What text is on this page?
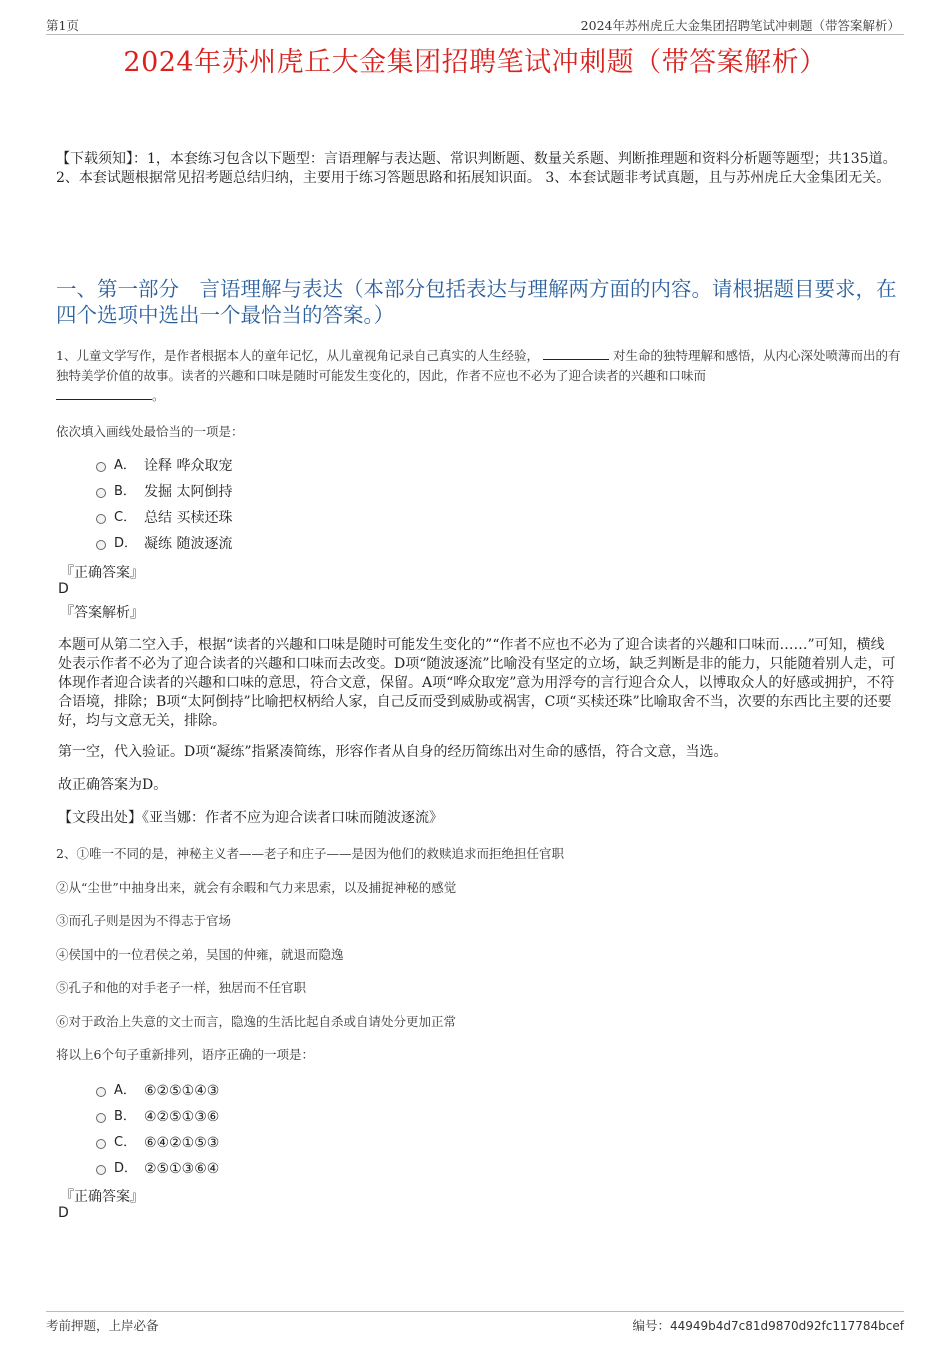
第1页	2024年苏州虎丘大金集团招聘笔试冲刺题（带答案解析）
2024年苏州虎丘大金集团招聘笔试冲刺题（带答案解析）
【下载须知】：1，本套练习包含以下题型：言语理解与表达题、常识判断题、数量关系题、判断推理题和资料分析题等题型；共135道。 2、本套试题根据常见招考题总结归纳，主要用于练习答题思路和拓展知识面。 3、本套试题非考试真题，且与苏州虎丘大金集团无关。
一、第一部分　言语理解与表达（本部分包括表达与理解两方面的内容。请根据题目要求，在四个选项中选出一个最恰当的答案。）
1、儿童文学写作，是作者根据本人的童年记忆，从儿童视角记录自己真实的人生经验，	对生命的独特理解和感悟，从内心深处喷薄而出的有独特美学价值的故事。读者的兴趣和口味是随时可能发生变化的，因此，作者不应也不必为了迎合读者的兴趣和口味而
。
依次填入画线处最恰当的一项是：
A． 诠释 哗众取宠
B． 发掘 太阿倒持
C． 总结 买椟还珠
D． 凝练 随波逐流
『正确答案』
D
『答案解析』
本题可从第二空入手，根据“读者的兴趣和口味是随时可能发生变化的”“作者不应也不必为了迎合读者的兴趣和口味而……”可知，横线处表示作者不必为了迎合读者的兴趣和口味而去改变。D项“随波逐流”比喻没有坚定的立场，缺乏判断是非的能力，只能随着别人走，可体现作者迎合读者的兴趣和口味的意思，符合文意，保留。A项“哗众取宠”意为用浮夸的言行迎合众人，以博取众人的好感或拥护，不符合语境，排除；B项“太阿倒持”比喻把权柄给人家，自己反而受到威胁或祸害，C项“买椟还珠”比喻取舍不当，次要的东西比主要的还要好，均与文意无关，排除。
第一空，代入验证。D项“凝练”指紧凑简练，形容作者从自身的经历简练出对生命的感悟，符合文意，当选。
故正确答案为D。
【文段出处】《亚当娜：作者不应为迎合读者口味而随波逐流》
2、①唯一不同的是，神秘主义者——老子和庄子——是因为他们的救赎追求而拒绝担任官职
②从“尘世”中抽身出来，就会有余暇和气力来思索，以及捕捉神秘的感觉
③而孔子则是因为不得志于官场
④侯国中的一位君侯之弟，吴国的仲雍，就退而隐逸
⑤孔子和他的对手老子一样，独居而不任官职
⑥对于政治上失意的文士而言，隐逸的生活比起自杀或自请处分更加正常
将以上6个句子重新排列，语序正确的一项是：
A． ⑥②⑤①④③
B． ④②⑤①③⑥
C． ⑥④②①⑤③
D． ②⑤①③⑥④
『正确答案』
D
考前押题，上岸必备	编号：44949b4d7c81d9870d92fc117784bcef
